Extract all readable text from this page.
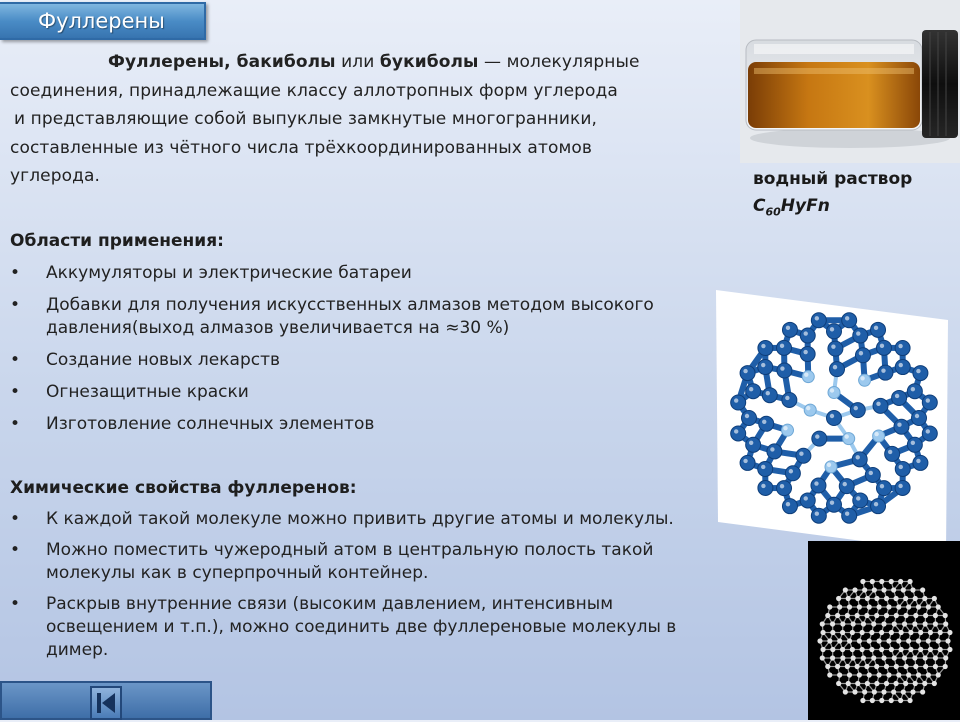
Фуллерены
Фуллерены, бакиболы или букиболы — молекулярные
соединения, принадлежащие классу аллотропных форм углерода
и представляющие собой выпуклые замкнутые многогранники,
составленные из чётного числа трёхкоординированных атомов
углерода.
Области применения:
• Аккумуляторы и электрические батареи
• Добавки для получения искусственных алмазов методом высокого
давления(выход алмазов увеличивается на ≈30 %)
• Создание новых лекарств
• Огнезащитные краски
• Изготовление солнечных элементов
Химические свойства фуллеренов:
• К каждой такой молекуле можно привить другие атомы и молекулы.
• Можно поместить чужеродный атом в центральную полость такой
молекулы как в суперпрочный контейнер.
• Раскрыв внутренние связи (высоким давлением, интенсивным
освещением и т.п.), можно соединить две фуллереновые молекулы в
димер.
водный раствор
$C_{60}HyFn$
